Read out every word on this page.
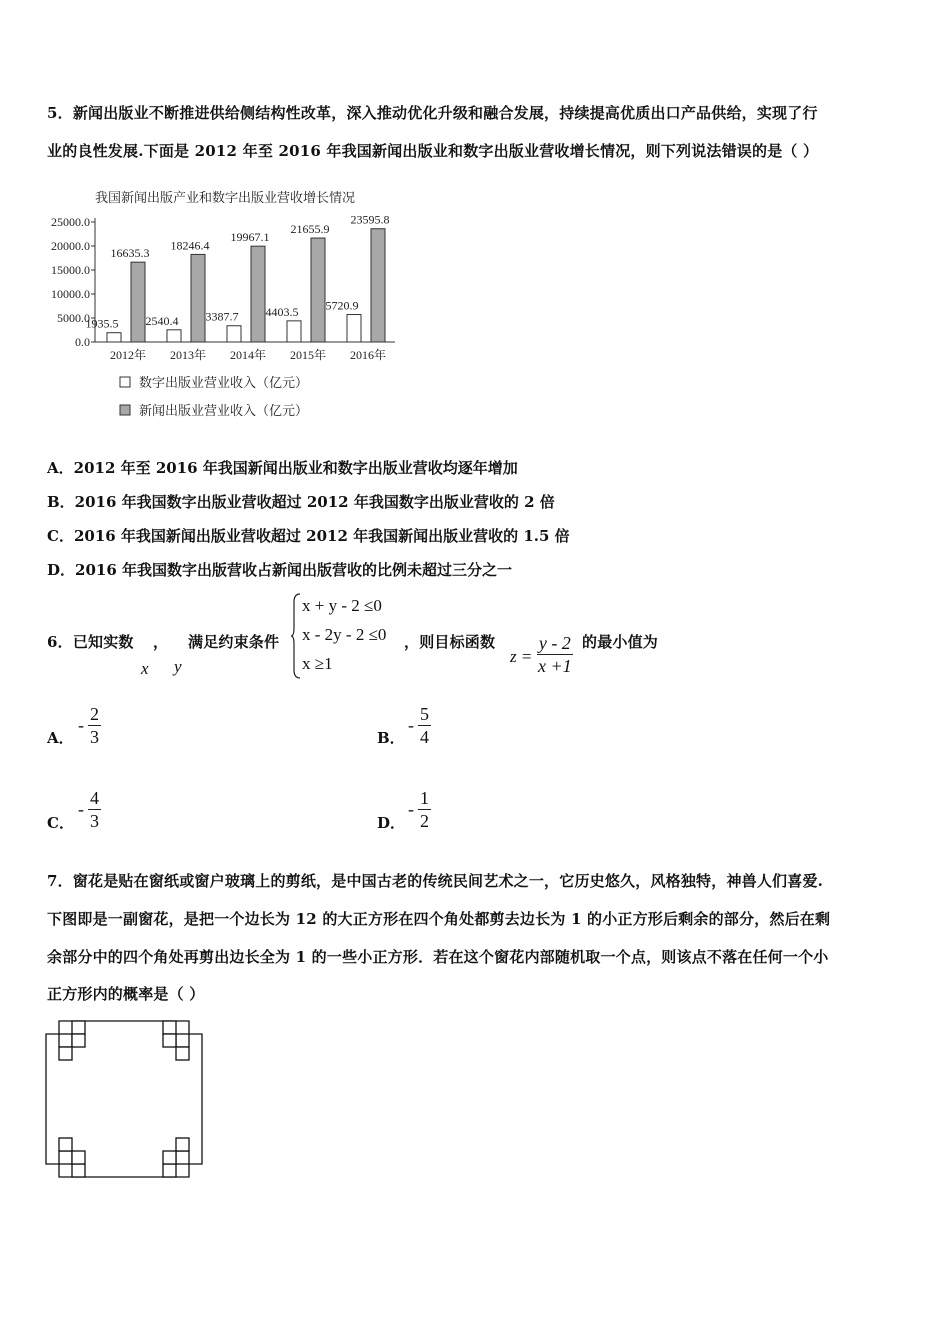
5．新闻出版业不断推进供给侧结构性改革，深入推动优化升级和融合发展，持续提高优质出口产品供给，实现了行
业的良性发展.下面是 2012 年至 2016 年我国新闻出版业和数字出版业营收增长情况，则下列说法错误的是（ ）
我国新闻出版产业和数字出版业营收增长情况
25000.0
20000.0
15000.0
10000.0
5000.0
0.0
2012年 2013年 2014年 2015年 2016年
1935.5
16635.3
2540.4
18246.4
3387.7
19967.1
4403.5
21655.9
5720.9
23595.8
数字出版业营业收入（亿元）
新闻出版业营业收入（亿元）
A．2012 年至 2016 年我国新闻出版业和数字出版业营收均逐年增加
B．2016 年我国数字出版业营收超过 2012 年我国数字出版业营收的 2 倍
C．2016 年我国新闻出版业营收超过 2012 年我国新闻出版业营收的 1.5 倍
D．2016 年我国数字出版营收占新闻出版营收的比例未超过三分之一
6．已知实数 ， 满足约束条件
x y
x + y - 2 ≤0
x - 2y - 2 ≤0
x ≥1
，则目标函数
$z = \frac{y - 2}{x +1}$ 的最小值为
A．
- $\frac{2}{3}$	B．
- $\frac{5}{4}$
C．
- $\frac{4}{3}$	D．
- $\frac{1}{2}$
7．窗花是贴在窗纸或窗户玻璃上的剪纸，是中国古老的传统民间艺术之一，它历史悠久，风格独特，神兽人们喜爱.
下图即是一副窗花，是把一个边长为 12 的大正方形在四个角处都剪去边长为 1 的小正方形后剩余的部分，然后在剩
余部分中的四个角处再剪出边长全为 1 的一些小正方形．若在这个窗花内部随机取一个点，则该点不落在任何一个小
正方形内的概率是（ ）
